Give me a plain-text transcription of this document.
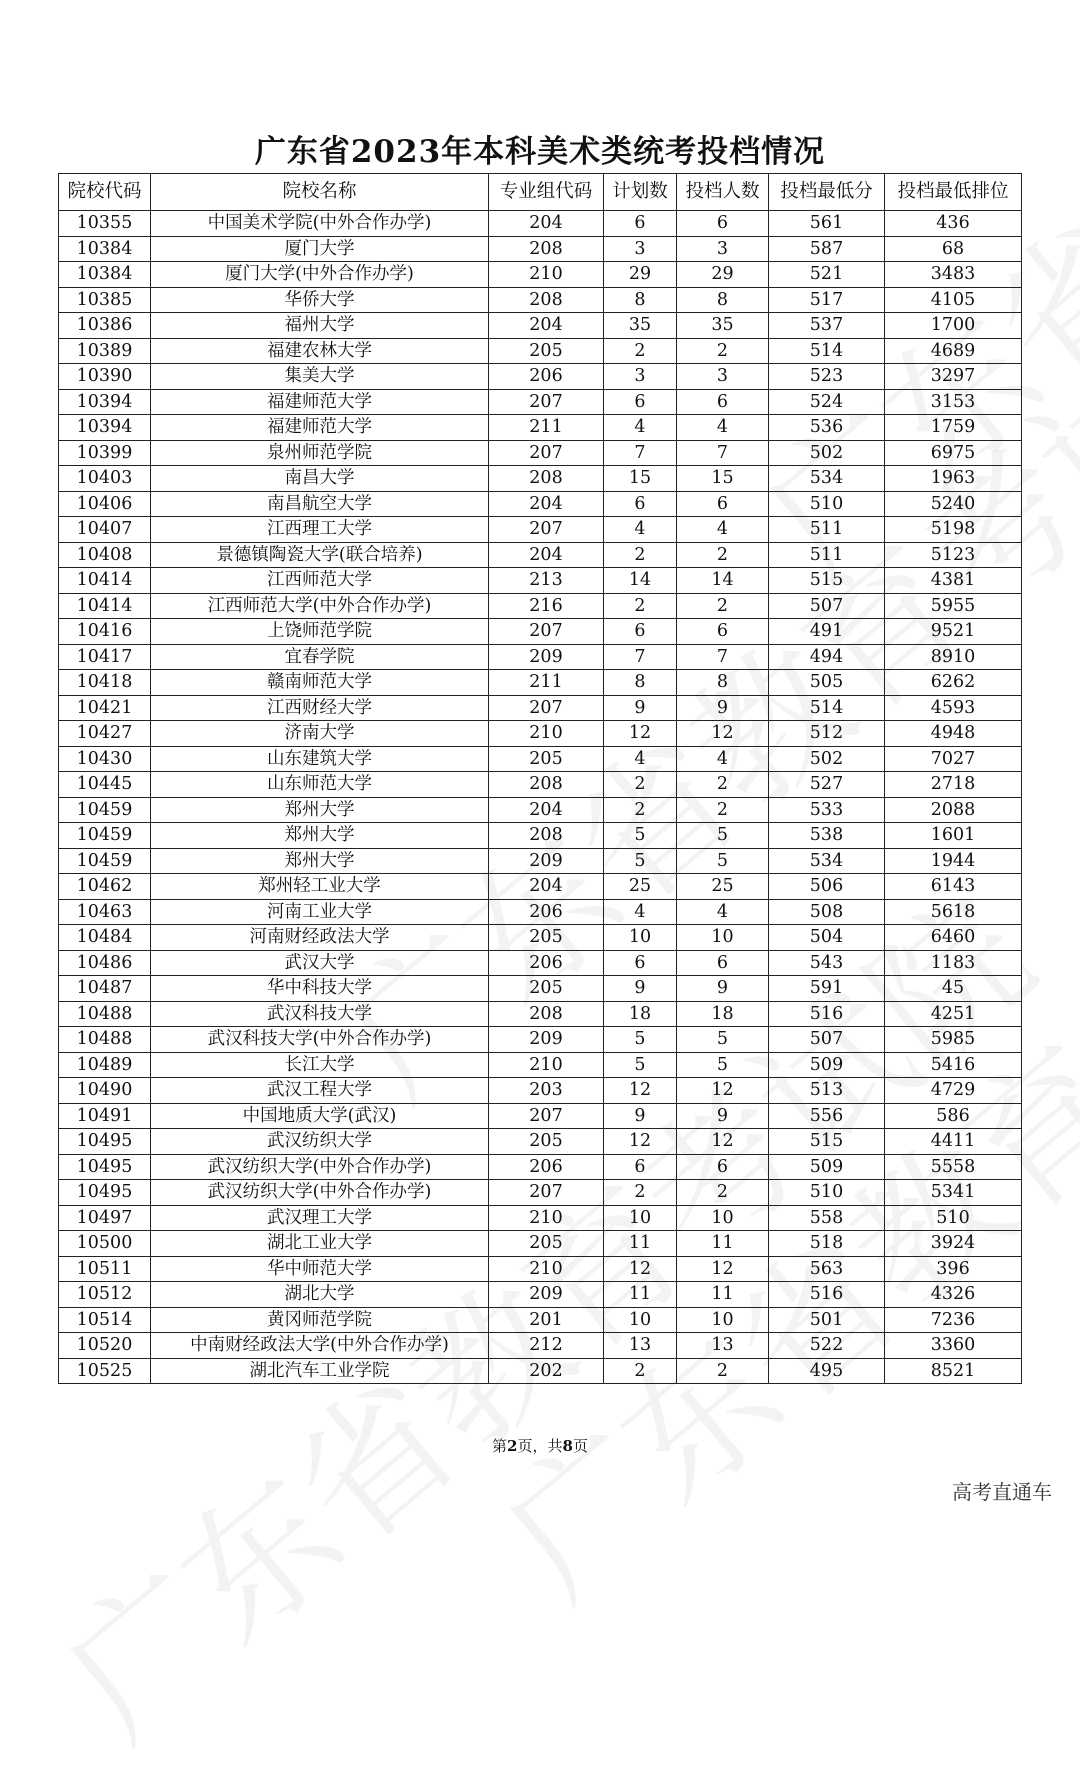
广东省2023年本科美术类统考投档情况
院校代码	院校名称	专业组代码	计划数	投档人数	投档最低分	投档最低排位
10355	中国美术学院(中外合作办学)	204	6	6	561	436
10384	厦门大学	208	3	3	587	68
10384	厦门大学(中外合作办学)	210	29	29	521	3483
10385	华侨大学	208	8	8	517	4105
10386	福州大学	204	35	35	537	1700
10389	福建农林大学	205	2	2	514	4689
10390	集美大学	206	3	3	523	3297
10394	福建师范大学	207	6	6	524	3153
10394	福建师范大学	211	4	4	536	1759
10399	泉州师范学院	207	7	7	502	6975
10403	南昌大学	208	15	15	534	1963
10406	南昌航空大学	204	6	6	510	5240
10407	江西理工大学	207	4	4	511	5198
10408	景德镇陶瓷大学(联合培养)	204	2	2	511	5123
10414	江西师范大学	213	14	14	515	4381
10414	江西师范大学(中外合作办学)	216	2	2	507	5955
10416	上饶师范学院	207	6	6	491	9521
10417	宜春学院	209	7	7	494	8910
10418	赣南师范大学	211	8	8	505	6262
10421	江西财经大学	207	9	9	514	4593
10427	济南大学	210	12	12	512	4948
10430	山东建筑大学	205	4	4	502	7027
10445	山东师范大学	208	2	2	527	2718
10459	郑州大学	204	2	2	533	2088
10459	郑州大学	208	5	5	538	1601
10459	郑州大学	209	5	5	534	1944
10462	郑州轻工业大学	204	25	25	506	6143
10463	河南工业大学	206	4	4	508	5618
10484	河南财经政法大学	205	10	10	504	6460
10486	武汉大学	206	6	6	543	1183
10487	华中科技大学	205	9	9	591	45
10488	武汉科技大学	208	18	18	516	4251
10488	武汉科技大学(中外合作办学)	209	5	5	507	5985
10489	长江大学	210	5	5	509	5416
10490	武汉工程大学	203	12	12	513	4729
10491	中国地质大学(武汉)	207	9	9	556	586
10495	武汉纺织大学	205	12	12	515	4411
10495	武汉纺织大学(中外合作办学)	206	6	6	509	5558
10495	武汉纺织大学(中外合作办学)	207	2	2	510	5341
10497	武汉理工大学	210	10	10	558	510
10500	湖北工业大学	205	11	11	518	3924
10511	华中师范大学	210	12	12	563	396
10512	湖北大学	209	11	11	516	4326
10514	黄冈师范学院	201	10	10	501	7236
10520	中南财经政法大学(中外合作办学)	212	13	13	522	3360
10525	湖北汽车工业学院	202	2	2	495	8521
第2页，共8页
高考直通车
